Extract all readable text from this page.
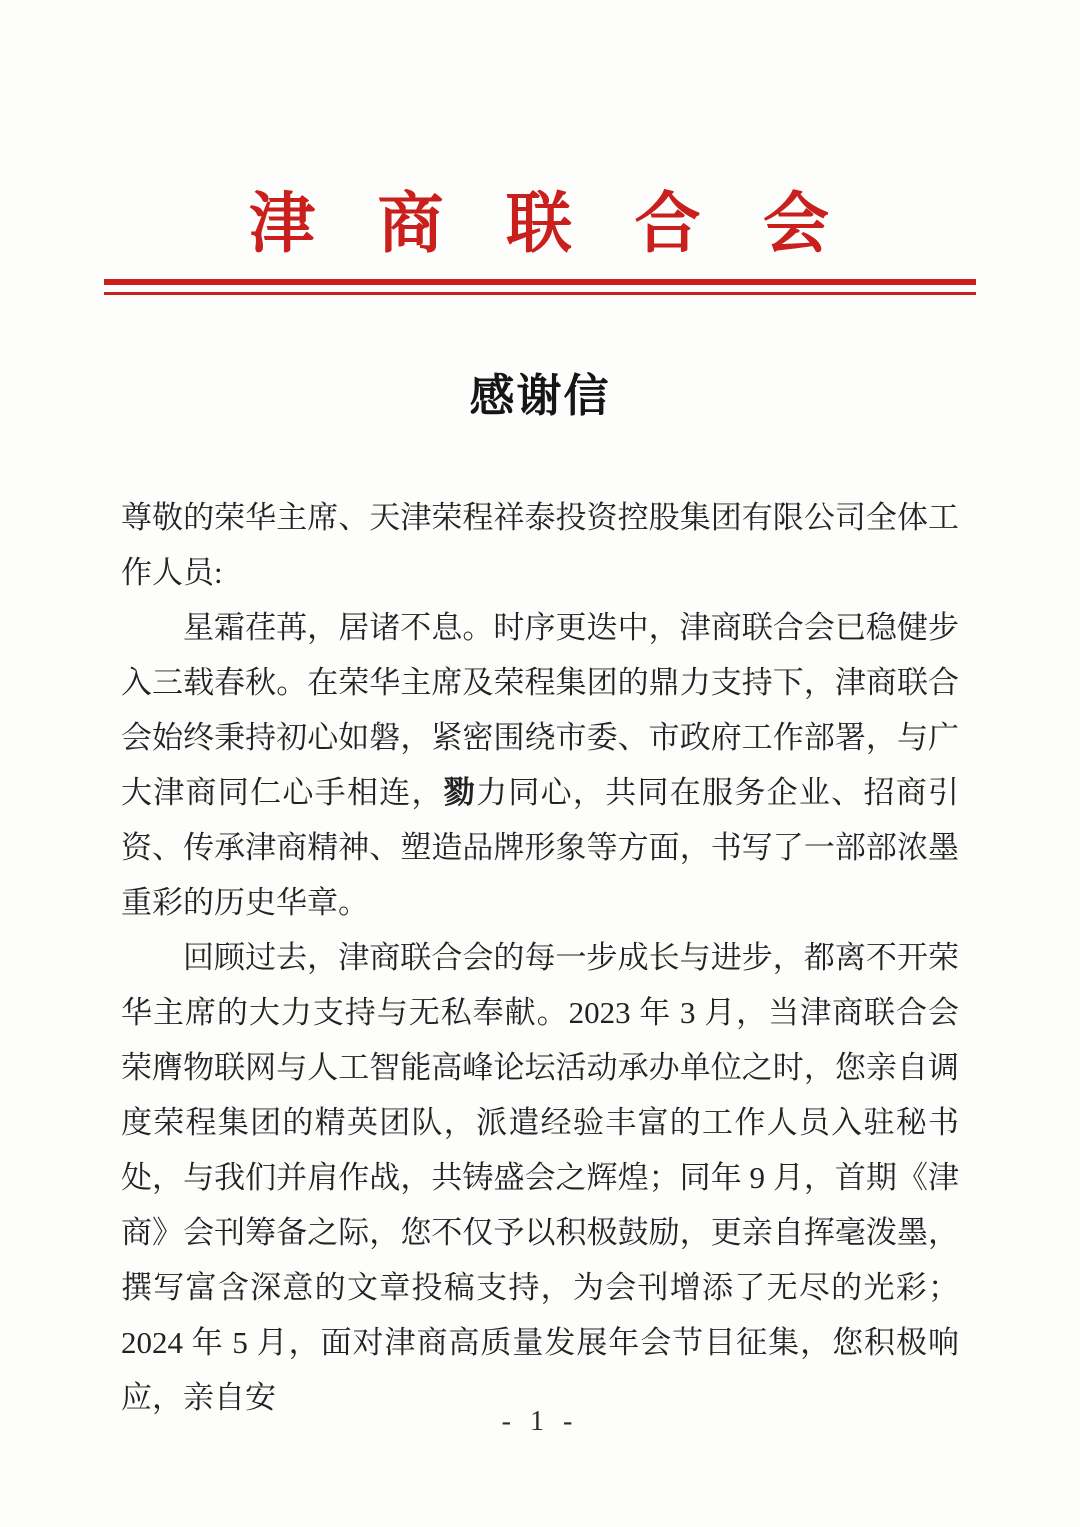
津 商 联 合 会
感谢信

尊敬的荣华主席、天津荣程祥泰投资控股集团有限公司全体工作人员:

星霜荏苒，居诸不息。时序更迭中，津商联合会已稳健步入三载春秋。在荣华主席及荣程集团的鼎力支持下，津商联合会始终秉持初心如磐，紧密围绕市委、市政府工作部署，与广大津商同仁心手相连，勠力同心，共同在服务企业、招商引资、传承津商精神、塑造品牌形象等方面，书写了一部部浓墨重彩的历史华章。

回顾过去，津商联合会的每一步成长与进步，都离不开荣华主席的大力支持与无私奉献。2023 年 3 月，当津商联合会荣膺物联网与人工智能高峰论坛活动承办单位之时，您亲自调度荣程集团的精英团队，派遣经验丰富的工作人员入驻秘书处，与我们并肩作战，共铸盛会之辉煌；同年 9 月，首期《津商》会刊筹备之际，您不仅予以积极鼓励，更亲自挥毫泼墨，撰写富含深意的文章投稿支持，为会刊增添了无尽的光彩；2024 年 5 月，面对津商高质量发展年会节目征集，您积极响应，亲自安

- 1 -
